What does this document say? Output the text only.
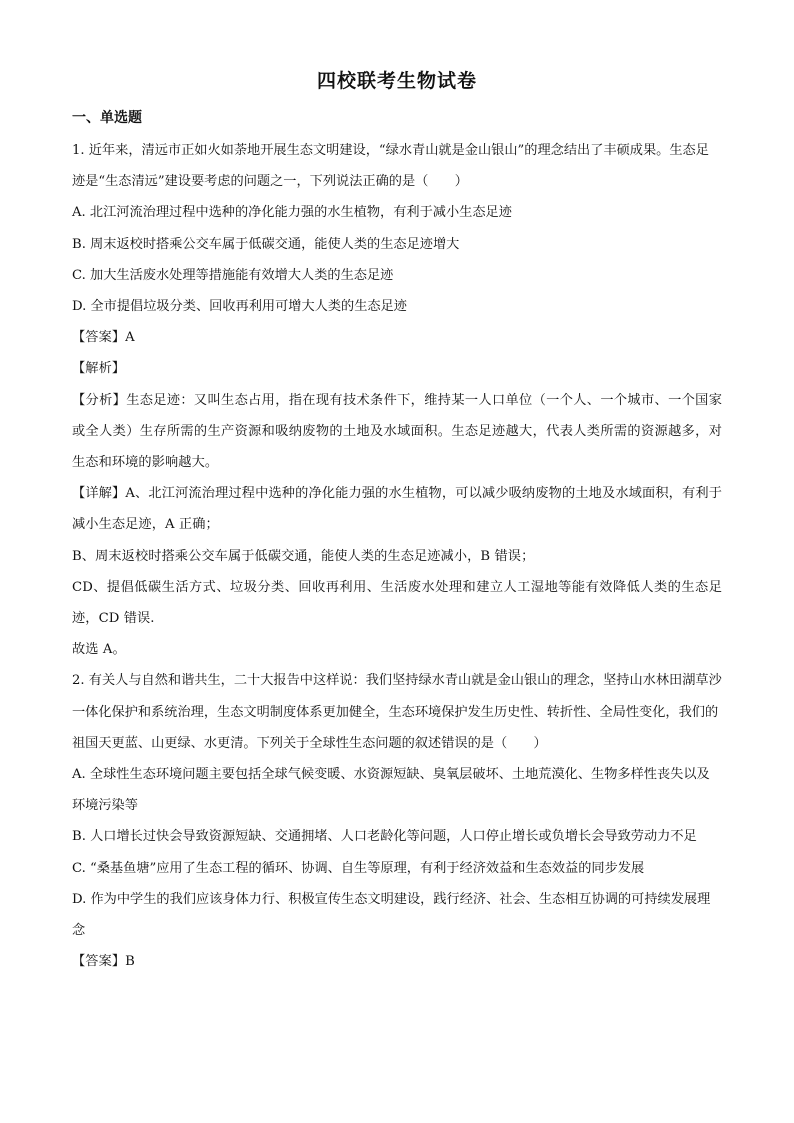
四校联考生物试卷
一、单选题

1. 近年来，清远市正如火如荼地开展生态文明建设，“绿水青山就是金山银山”的理念结出了丰硕成果。生态足迹是“生态清远”建设要考虑的问题之一，下列说法正确的是（　　）

A. 北江河流治理过程中选种的净化能力强的水生植物，有利于减小生态足迹

B. 周末返校时搭乘公交车属于低碳交通，能使人类的生态足迹增大

C. 加大生活废水处理等措施能有效增大人类的生态足迹

D. 全市提倡垃圾分类、回收再利用可增大人类的生态足迹

【答案】A

【解析】

【分析】生态足迹：又叫生态占用，指在现有技术条件下，维持某一人口单位（一个人、一个城市、一个国家或全人类）生存所需的生产资源和吸纳废物的土地及水域面积。生态足迹越大，代表人类所需的资源越多，对生态和环境的影响越大。

【详解】A、北江河流治理过程中选种的净化能力强的水生植物，可以减少吸纳废物的土地及水域面积，有利于减小生态足迹，A 正确；

B、周末返校时搭乘公交车属于低碳交通，能使人类的生态足迹减小，B 错误；

CD、提倡低碳生活方式、垃圾分类、回收再利用、生活废水处理和建立人工湿地等能有效降低人类的生态足迹，CD 错误.

故选 A。

2. 有关人与自然和谐共生，二十大报告中这样说：我们坚持绿水青山就是金山银山的理念，坚持山水林田湖草沙一体化保护和系统治理，生态文明制度体系更加健全，生态环境保护发生历史性、转折性、全局性变化，我们的祖国天更蓝、山更绿、水更清。下列关于全球性生态问题的叙述错误的是（　　）

A. 全球性生态环境问题主要包括全球气候变暖、水资源短缺、臭氧层破坏、土地荒漠化、生物多样性丧失以及环境污染等

B. 人口增长过快会导致资源短缺、交通拥堵、人口老龄化等问题，人口停止增长或负增长会导致劳动力不足

C. “桑基鱼塘”应用了生态工程的循环、协调、自生等原理，有利于经济效益和生态效益的同步发展

D. 作为中学生的我们应该身体力行、积极宣传生态文明建设，践行经济、社会、生态相互协调的可持续发展理念

【答案】B
